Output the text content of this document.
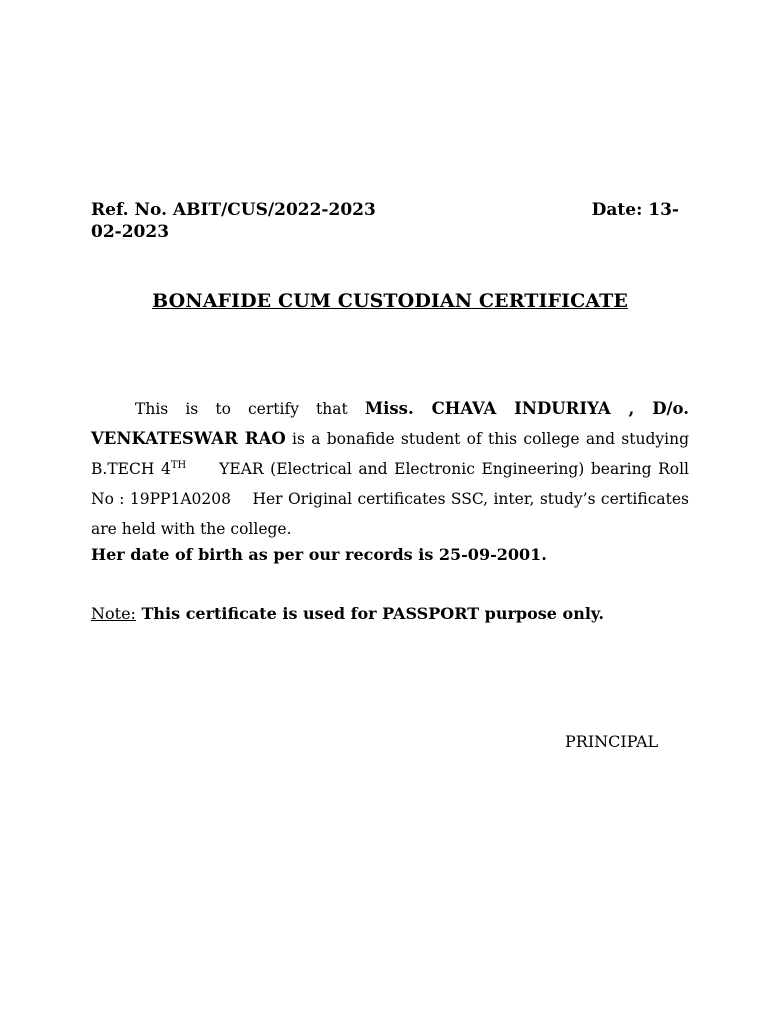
Ref. No. ABIT/CUS/2022-2023	Date: 13-
02-2023
BONAFIDE CUM CUSTODIAN CERTIFICATE
This is to certify that Miss. CHAVA INDURIYA , D/o. VENKATESWAR RAO is a bonafide student of this college and studying B.TECH 4TH     YEAR (Electrical and Electronic Engineering) bearing Roll No : 19PP1A0208    Her Original certificates SSC, inter, study’s certificates are held with the college.
Her date of birth as per our records is 25-09-2001.
Note: This certificate is used for PASSPORT purpose only.
PRINCIPAL
